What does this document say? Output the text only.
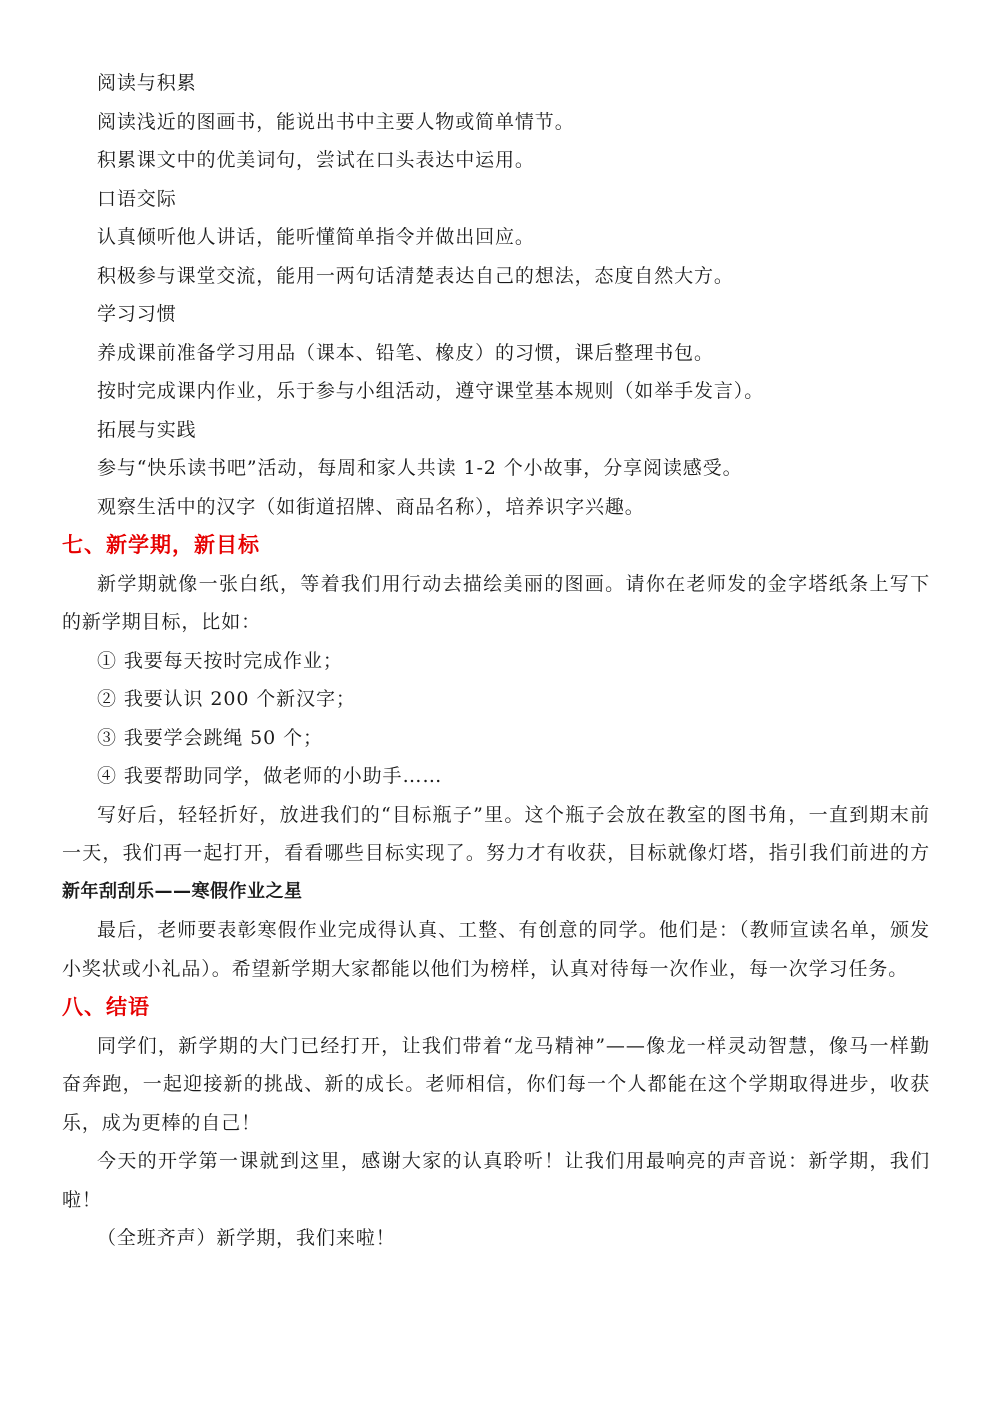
阅读与积累
阅读浅近的图画书，能说出书中主要人物或简单情节。
积累课文中的优美词句，尝试在口头表达中运用。
口语交际
认真倾听他人讲话，能听懂简单指令并做出回应。
积极参与课堂交流，能用一两句话清楚表达自己的想法，态度自然大方。
学习习惯
养成课前准备学习用品（课本、铅笔、橡皮）的习惯，课后整理书包。
按时完成课内作业，乐于参与小组活动，遵守课堂基本规则（如举手发言）。
拓展与实践
参与“快乐读书吧”活动，每周和家人共读 1-2 个小故事，分享阅读感受。
观察生活中的汉字（如街道招牌、商品名称），培养识字兴趣。
七、新学期，新目标
新学期就像一张白纸，等着我们用行动去描绘美丽的图画。请你在老师发的金字塔纸条上写下
的新学期目标，比如：
① 我要每天按时完成作业；
② 我要认识 200 个新汉字；
③ 我要学会跳绳 50 个；
④ 我要帮助同学，做老师的小助手……
写好后，轻轻折好，放进我们的“目标瓶子”里。这个瓶子会放在教室的图书角，一直到期末前
一天，我们再一起打开，看看哪些目标实现了。努力才有收获，目标就像灯塔，指引我们前进的方
新年刮刮乐——寒假作业之星
最后，老师要表彰寒假作业完成得认真、工整、有创意的同学。他们是：（教师宣读名单，颁发
小奖状或小礼品）。希望新学期大家都能以他们为榜样，认真对待每一次作业，每一次学习任务。
八、结语
同学们，新学期的大门已经打开，让我们带着“龙马精神”——像龙一样灵动智慧，像马一样勤
奋奔跑，一起迎接新的挑战、新的成长。老师相信，你们每一个人都能在这个学期取得进步，收获
乐，成为更棒的自己！
今天的开学第一课就到这里，感谢大家的认真聆听！让我们用最响亮的声音说：新学期，我们
啦！
（全班齐声）新学期，我们来啦！
